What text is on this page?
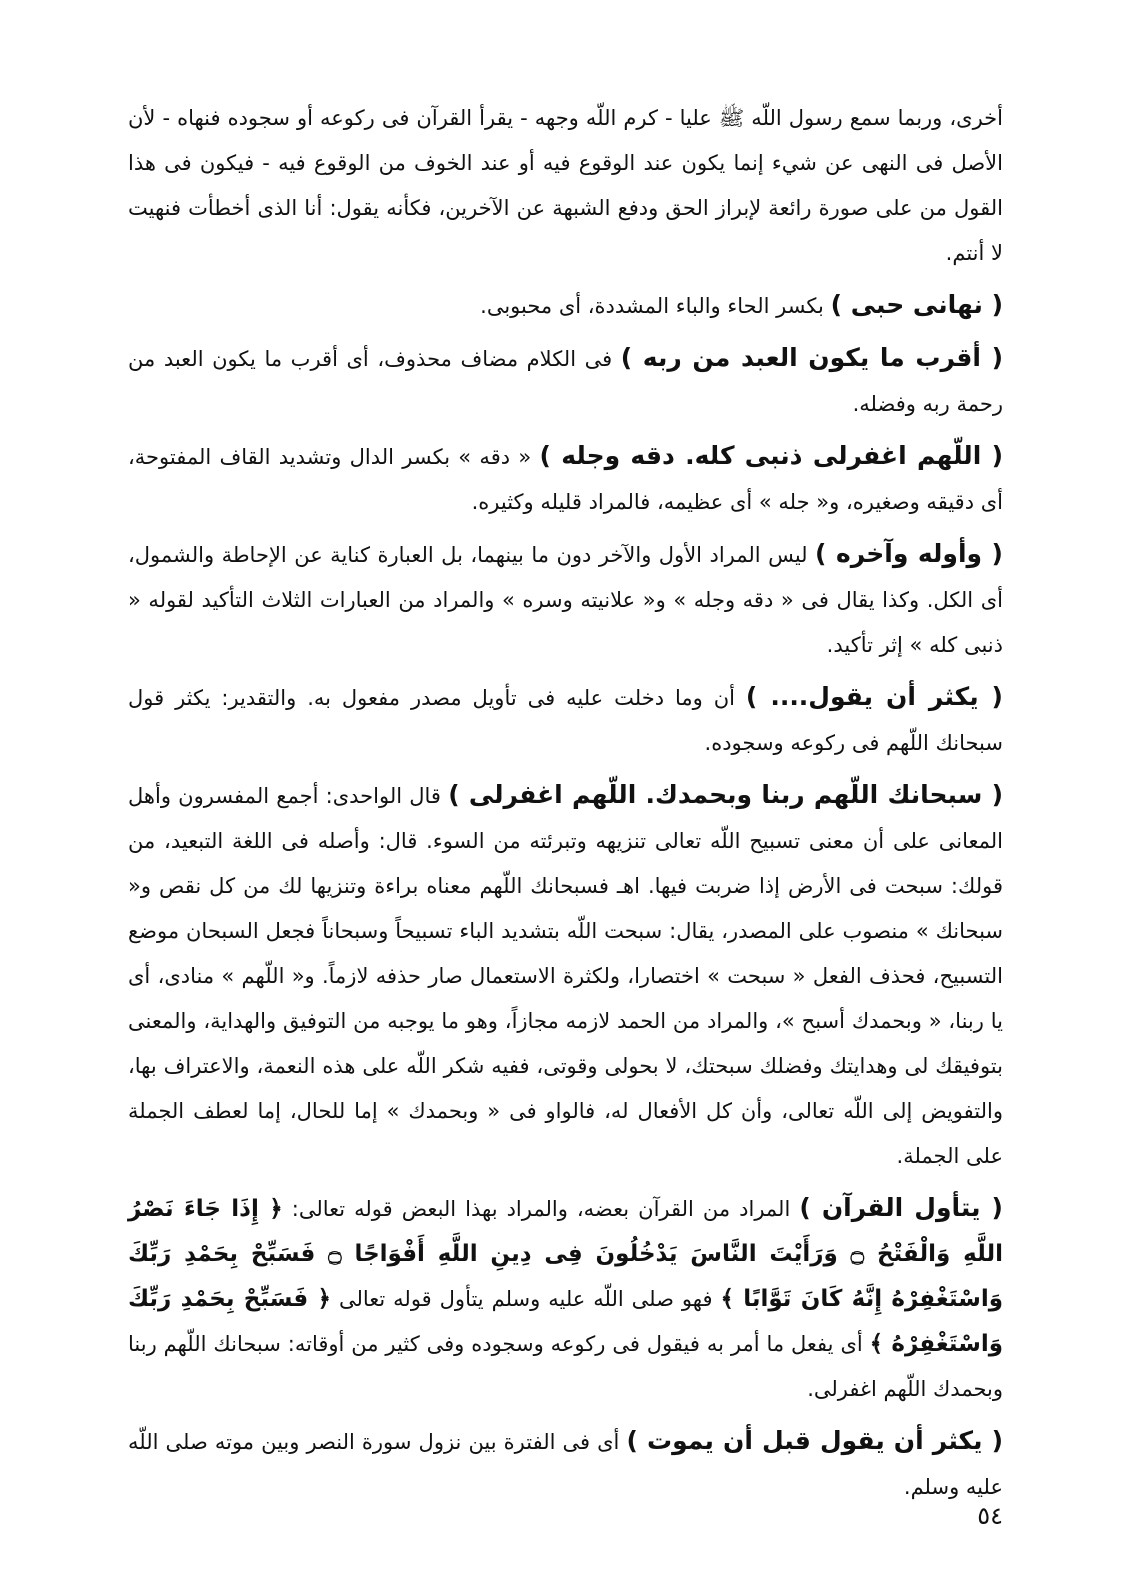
أخرى، وربما سمع رسول اللّه ﷺ عليا - كرم اللّه وجهه - يقرأ القرآن فى ركوعه أو سجوده فنهاه - لأن الأصل فى النهى عن شيء إنما يكون عند الوقوع فيه أو عند الخوف من الوقوع فيه - فيكون فى هذا القول من على صورة رائعة لإبراز الحق ودفع الشبهة عن الآخرين، فكأنه يقول: أنا الذى أخطأت فنهيت لا أنتم.

( نهانى حبى ) بكسر الحاء والباء المشددة، أى محبوبى.

( أقرب ما يكون العبد من ربه ) فى الكلام مضاف محذوف، أى أقرب ما يكون العبد من رحمة ربه وفضله.

( اللّهم اغفرلى ذنبى كله. دقه وجله ) « دقه » بكسر الدال وتشديد القاف المفتوحة، أى دقيقه وصغيره، و« جله » أى عظيمه، فالمراد قليله وكثيره.

( وأوله وآخره ) ليس المراد الأول والآخر دون ما بينهما، بل العبارة كناية عن الإحاطة والشمول، أى الكل. وكذا يقال فى « دقه وجله » و« علانيته وسره » والمراد من العبارات الثلاث التأكيد لقوله « ذنبى كله » إثر تأكيد.

( يكثر أن يقول.... ) أن وما دخلت عليه فى تأويل مصدر مفعول به. والتقدير: يكثر قول سبحانك اللّهم فى ركوعه وسجوده.

( سبحانك اللّهم ربنا وبحمدك. اللّهم اغفرلى ) قال الواحدى: أجمع المفسرون وأهل المعانى على أن معنى تسبيح اللّه تعالى تنزيهه وتبرئته من السوء. قال: وأصله فى اللغة التبعيد، من قولك: سبحت فى الأرض إذا ضربت فيها. اهـ فسبحانك اللّهم معناه براءة وتنزيها لك من كل نقص و« سبحانك » منصوب على المصدر، يقال: سبحت اللّه بتشديد الباء تسبيحاً وسبحاناً فجعل السبحان موضع التسبيح، فحذف الفعل « سبحت » اختصارا، ولكثرة الاستعمال صار حذفه لازماً. و« اللّهم » منادى، أى يا ربنا، « وبحمدك أسبح »، والمراد من الحمد لازمه مجازاً، وهو ما يوجبه من التوفيق والهداية، والمعنى بتوفيقك لى وهدايتك وفضلك سبحتك، لا بحولى وقوتى، ففيه شكر اللّه على هذه النعمة، والاعتراف بها، والتفويض إلى اللّه تعالى، وأن كل الأفعال له، فالواو فى « وبحمدك » إما للحال، إما لعطف الجملة على الجملة.

( يتأول القرآن ) المراد من القرآن بعضه، والمراد بهذا البعض قوله تعالى: ﴿ إِذَا جَاءَ نَصْرُ اللَّهِ وَالْفَتْحُ ۝ وَرَأَيْتَ النَّاسَ يَدْخُلُونَ فِى دِينِ اللَّهِ أَفْوَاجًا ۝ فَسَبِّحْ بِحَمْدِ رَبِّكَ وَاسْتَغْفِرْهُ إِنَّهُ كَانَ تَوَّابًا ﴾ فهو صلى اللّه عليه وسلم يتأول قوله تعالى ﴿ فَسَبِّحْ بِحَمْدِ رَبِّكَ وَاسْتَغْفِرْهُ ﴾ أى يفعل ما أمر به فيقول فى ركوعه وسجوده وفى كثير من أوقاته: سبحانك اللّهم ربنا وبحمدك اللّهم اغفرلى.

( يكثر أن يقول قبل أن يموت ) أى فى الفترة بين نزول سورة النصر وبين موته صلى اللّه عليه وسلم.

٥٤
